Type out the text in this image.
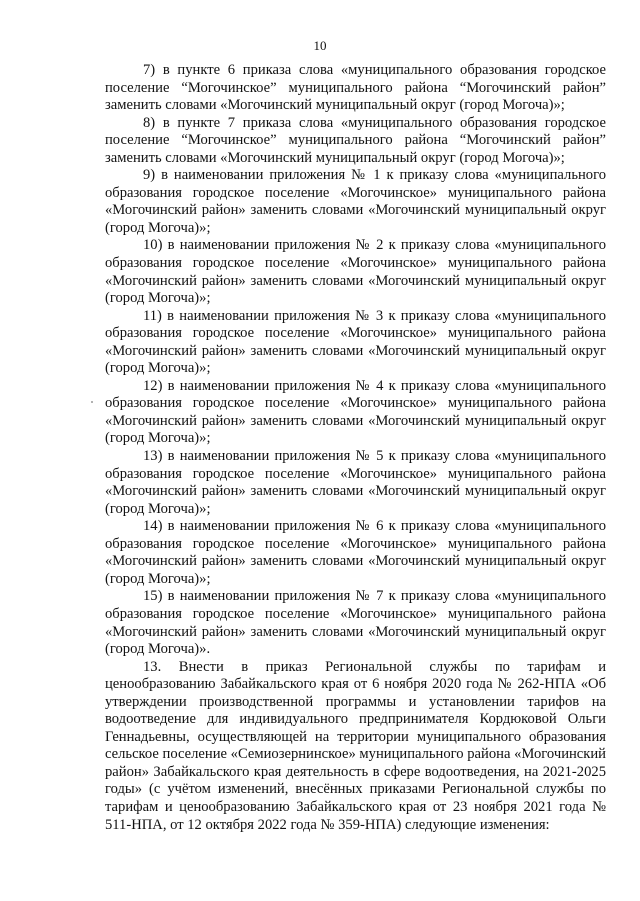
10

7) в пункте 6 приказа слова «муниципального образования городское поселение “Могочинское” муниципального района “Могочинский район” заменить словами «Могочинский муниципальный округ (город Могоча)»;

8) в пункте 7 приказа слова «муниципального образования городское поселение “Могочинское” муниципального района “Могочинский район” заменить словами «Могочинский муниципальный округ (город Могоча)»;

9) в наименовании приложения № 1 к приказу слова «муниципального образования городское поселение «Могочинское» муниципального района «Могочинский район» заменить словами «Могочинский муниципальный округ (город Могоча)»;

10) в наименовании приложения № 2 к приказу слова «муниципального образования городское поселение «Могочинское» муниципального района «Могочинский район» заменить словами «Могочинский муниципальный округ (город Могоча)»;

11) в наименовании приложения № 3 к приказу слова «муниципального образования городское поселение «Могочинское» муниципального района «Могочинский район» заменить словами «Могочинский муниципальный округ (город Могоча)»;

12) в наименовании приложения № 4 к приказу слова «муниципального образования городское поселение «Могочинское» муниципального района «Могочинский район» заменить словами «Могочинский муниципальный округ (город Могоча)»;

13) в наименовании приложения № 5 к приказу слова «муниципального образования городское поселение «Могочинское» муниципального района «Могочинский район» заменить словами «Могочинский муниципальный округ (город Могоча)»;

14) в наименовании приложения № 6 к приказу слова «муниципального образования городское поселение «Могочинское» муниципального района «Могочинский район» заменить словами «Могочинский муниципальный округ (город Могоча)»;

15) в наименовании приложения № 7 к приказу слова «муниципального образования городское поселение «Могочинское» муниципального района «Могочинский район» заменить словами «Могочинский муниципальный округ (город Могоча)».

13. Внести в приказ Региональной службы по тарифам и ценообразованию Забайкальского края от 6 ноября 2020 года № 262-НПА «Об утверждении производственной программы и установлении тарифов на водоотведение для индивидуального предпринимателя Кордюковой Ольги Геннадьевны, осуществляющей на территории муниципального образования сельское поселение «Семиозернинское» муниципального района «Могочинский район» Забайкальского края деятельность в сфере водоотведения, на 2021-2025 годы» (с учётом изменений, внесённых приказами Региональной службы по тарифам и ценообразованию Забайкальского края от 23 ноября 2021 года № 511-НПА, от 12 октября 2022 года № 359-НПА) следующие изменения:
